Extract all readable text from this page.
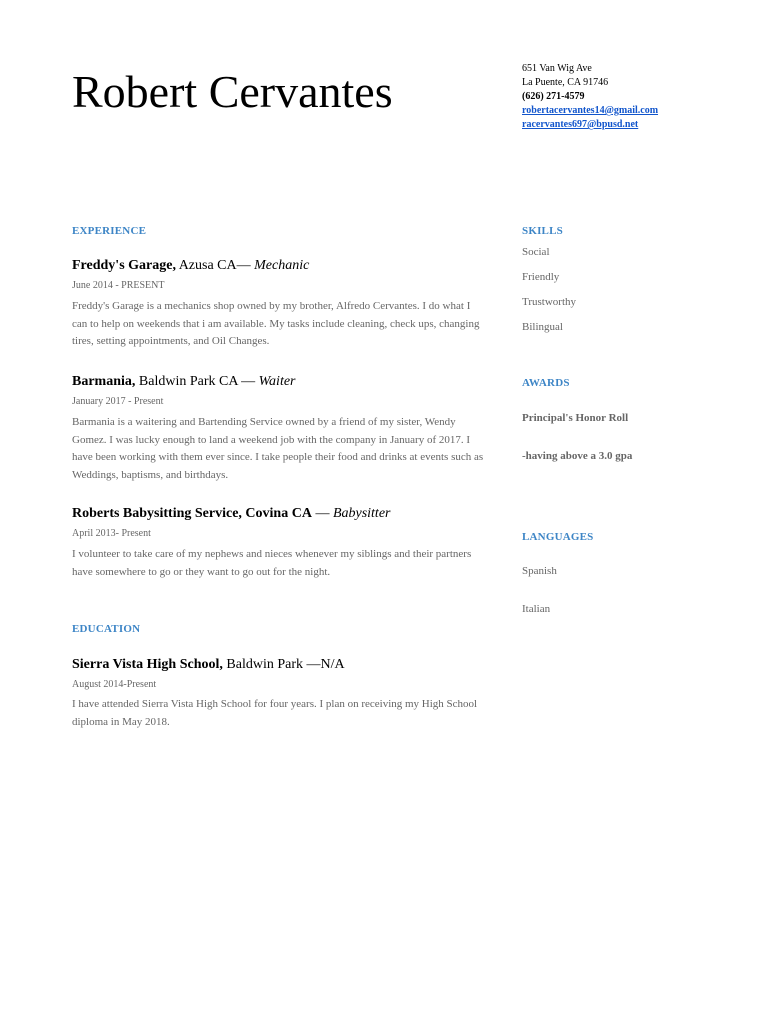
Robert Cervantes	651 Van Wig Ave
La Puente, CA 91746
(626) 271-4579
robertacervantes14@gmail.com
racervantes697@bpusd.net
EXPERIENCE
Freddy's Garage, Azusa CA— Mechanic
June 2014 - PRESENT
Freddy's Garage is a mechanics shop owned by my brother, Alfredo Cervantes. I do what I can to help on weekends that i am available. My tasks include cleaning, check ups, changing tires, setting appointments, and Oil Changes.
Barmania, Baldwin Park CA — Waiter
January 2017 - Present
Barmania is a waitering and Bartending Service owned by a friend of my sister, Wendy Gomez. I was lucky enough to land a weekend job with the company in January of 2017. I have been working with them ever since. I take people their food and drinks at events such as Weddings, baptisms, and birthdays.
Roberts Babysitting Service, Covina CA — Babysitter
April 2013- Present
I volunteer to take care of my nephews and nieces whenever my siblings and their partners have somewhere to go or they want to go out for the night.
EDUCATION
Sierra Vista High School, Baldwin Park —N/A
August 2014-Present
I have attended Sierra Vista High School for four years. I plan on receiving my High School diploma in May 2018.
SKILLS
Social
Friendly
Trustworthy
Bilingual
AWARDS
Principal's Honor Roll
-having above a 3.0 gpa
LANGUAGES
Spanish
Italian
